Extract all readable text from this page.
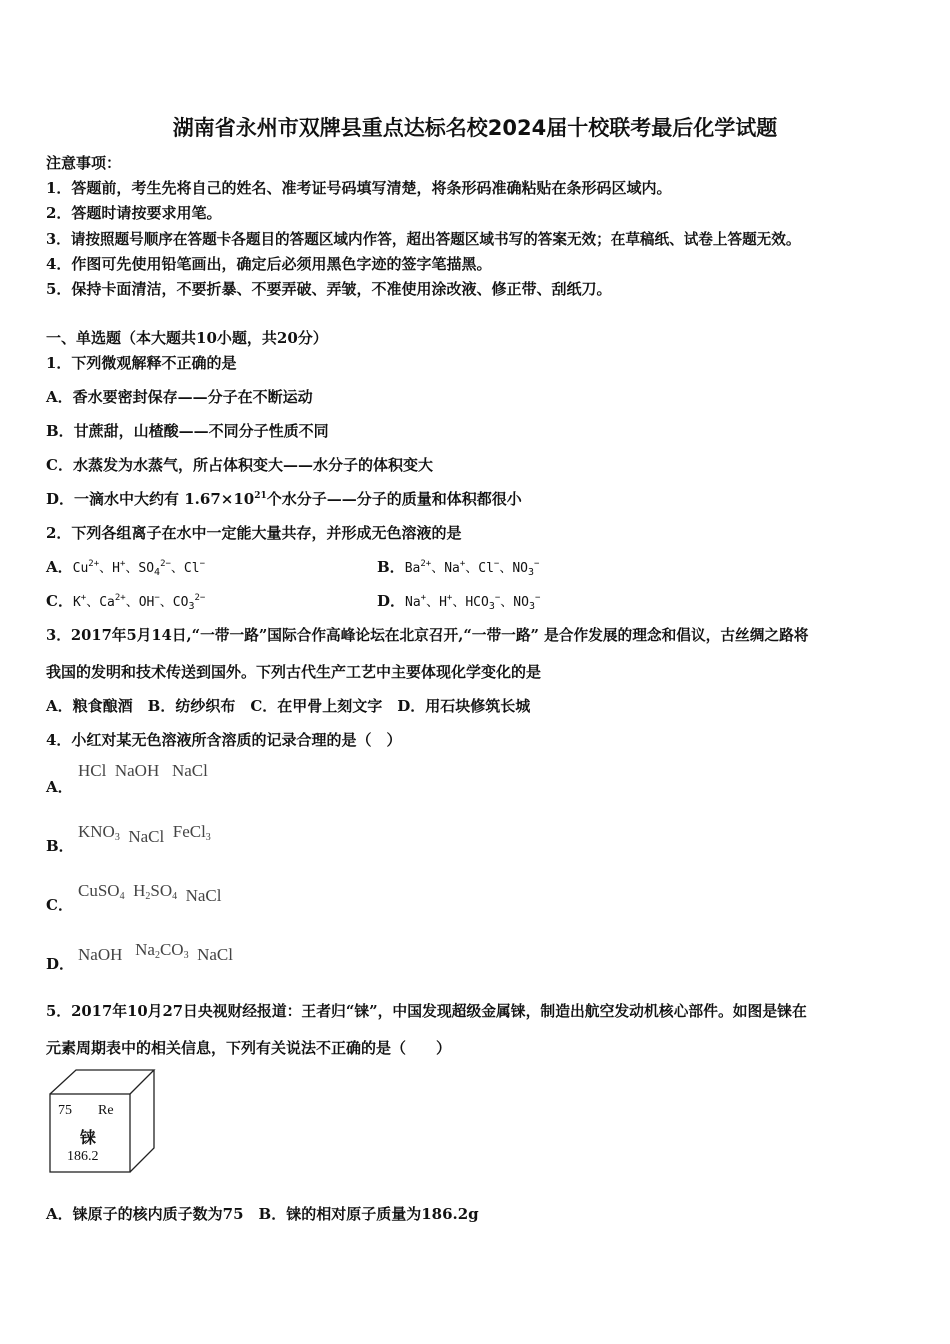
湖南省永州市双牌县重点达标名校2024届十校联考最后化学试题
注意事项：
1．答题前，考生先将自己的姓名、准考证号码填写清楚，将条形码准确粘贴在条形码区域内。
2．答题时请按要求用笔。
3．请按照题号顺序在答题卡各题目的答题区域内作答，超出答题区域书写的答案无效；在草稿纸、试卷上答题无效。
4．作图可先使用铅笔画出，确定后必须用黑色字迹的签字笔描黑。
5．保持卡面清洁，不要折暴、不要弄破、弄皱，不准使用涂改液、修正带、刮纸刀。
一、单选题（本大题共10小题，共20分）
1．下列微观解释不正确的是
A．香水要密封保存——分子在不断运动
B．甘蔗甜，山楂酸——不同分子性质不同
C．水蒸发为水蒸气，所占体积变大——水分子的体积变大
D．一滴水中大约有 $1.67\times 10^{21}$个水分子——分子的质量和体积都很小
2．下列各组离子在水中一定能大量共存，并形成无色溶液的是
A．$Cu^{2+}$、H+、$SO_4^{2-}$、Cl−	B．$Ba^{2+}$、Na+、Cl−、$NO_3^-$
C．K+、$Ca^{2+}$、OH−、$CO_3^{2-}$	D．Na+、H+、$HCO_3^-$、$NO_3^-$
3．2017年5月14日,“一带一路”国际合作高峰论坛在北京召开,“一带一路” 是合作发展的理念和倡议，古丝绸之路将
我国的发明和技术传送到国外。下列古代生产工艺中主要体现化学变化的是
A．粮食酿酒　B．纺纱织布　C．在甲骨上刻文字　D．用石块修筑长城
4．小红对某无色溶液所含溶质的记录合理的是（　）
A．
HCl  NaOH   NaCl
B．
$KNO_3$ NaCl  FeCl$_3$
C．
CuSO$_4$  $H_2SO_4$ NaCl
D． NaOH   $Na_2CO_3$ NaCl
5．2017年10月27日央视财经报道：王者归“铼”，中国发现超级金属铼，制造出航空发动机核心部件。如图是铼在
元素周期表中的相关信息，下列有关说法不正确的是（　　）
75 Re
铼
186.2
A．铼原子的核内质子数为75　B．铼的相对原子质量为186.2g
